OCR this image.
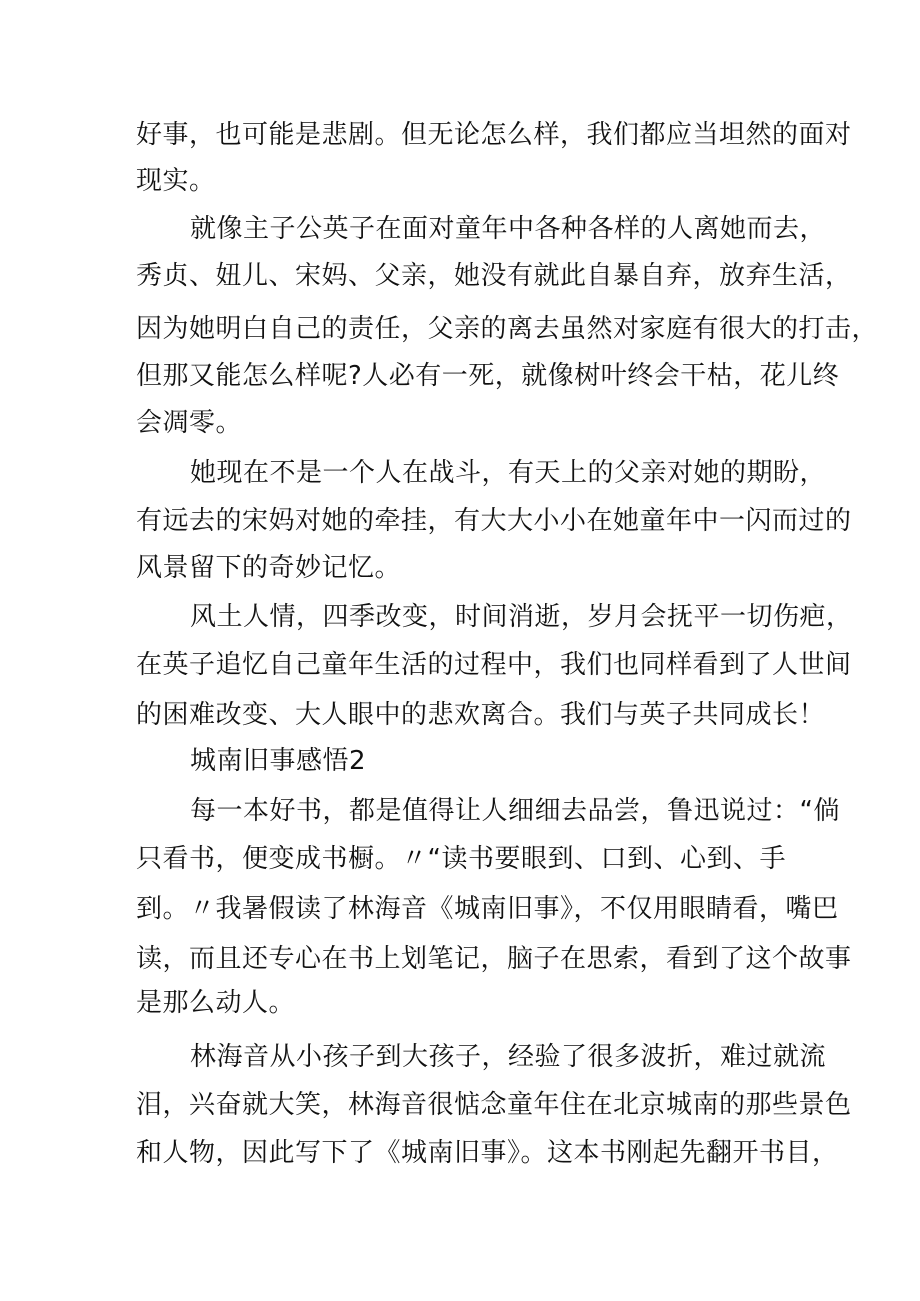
好事，也可能是悲剧。但无论怎么样，我们都应当坦然的面对
现实。
就像主子公英子在面对童年中各种各样的人离她而去，
秀贞、妞儿、宋妈、父亲，她没有就此自暴自弃，放弃生活，
因为她明白自己的责任，父亲的离去虽然对家庭有很大的打击，
但那又能怎么样呢?人必有一死，就像树叶终会干枯，花儿终
会凋零。
她现在不是一个人在战斗，有天上的父亲对她的期盼，
有远去的宋妈对她的牵挂，有大大小小在她童年中一闪而过的
风景留下的奇妙记忆。
风土人情，四季改变，时间消逝，岁月会抚平一切伤疤，
在英子追忆自己童年生活的过程中，我们也同样看到了人世间
的困难改变、大人眼中的悲欢离合。我们与英子共同成长！
城南旧事感悟2
每一本好书，都是值得让人细细去品尝，鲁迅说过：“倘
只看书，便变成书橱。〃“读书要眼到、口到、心到、手
到。〃我暑假读了林海音《城南旧事》，不仅用眼睛看，嘴巴
读，而且还专心在书上划笔记，脑子在思索，看到了这个故事
是那么动人。
林海音从小孩子到大孩子，经验了很多波折，难过就流
泪，兴奋就大笑，林海音很惦念童年住在北京城南的那些景色
和人物，因此写下了《城南旧事》。这本书刚起先翻开书目，
